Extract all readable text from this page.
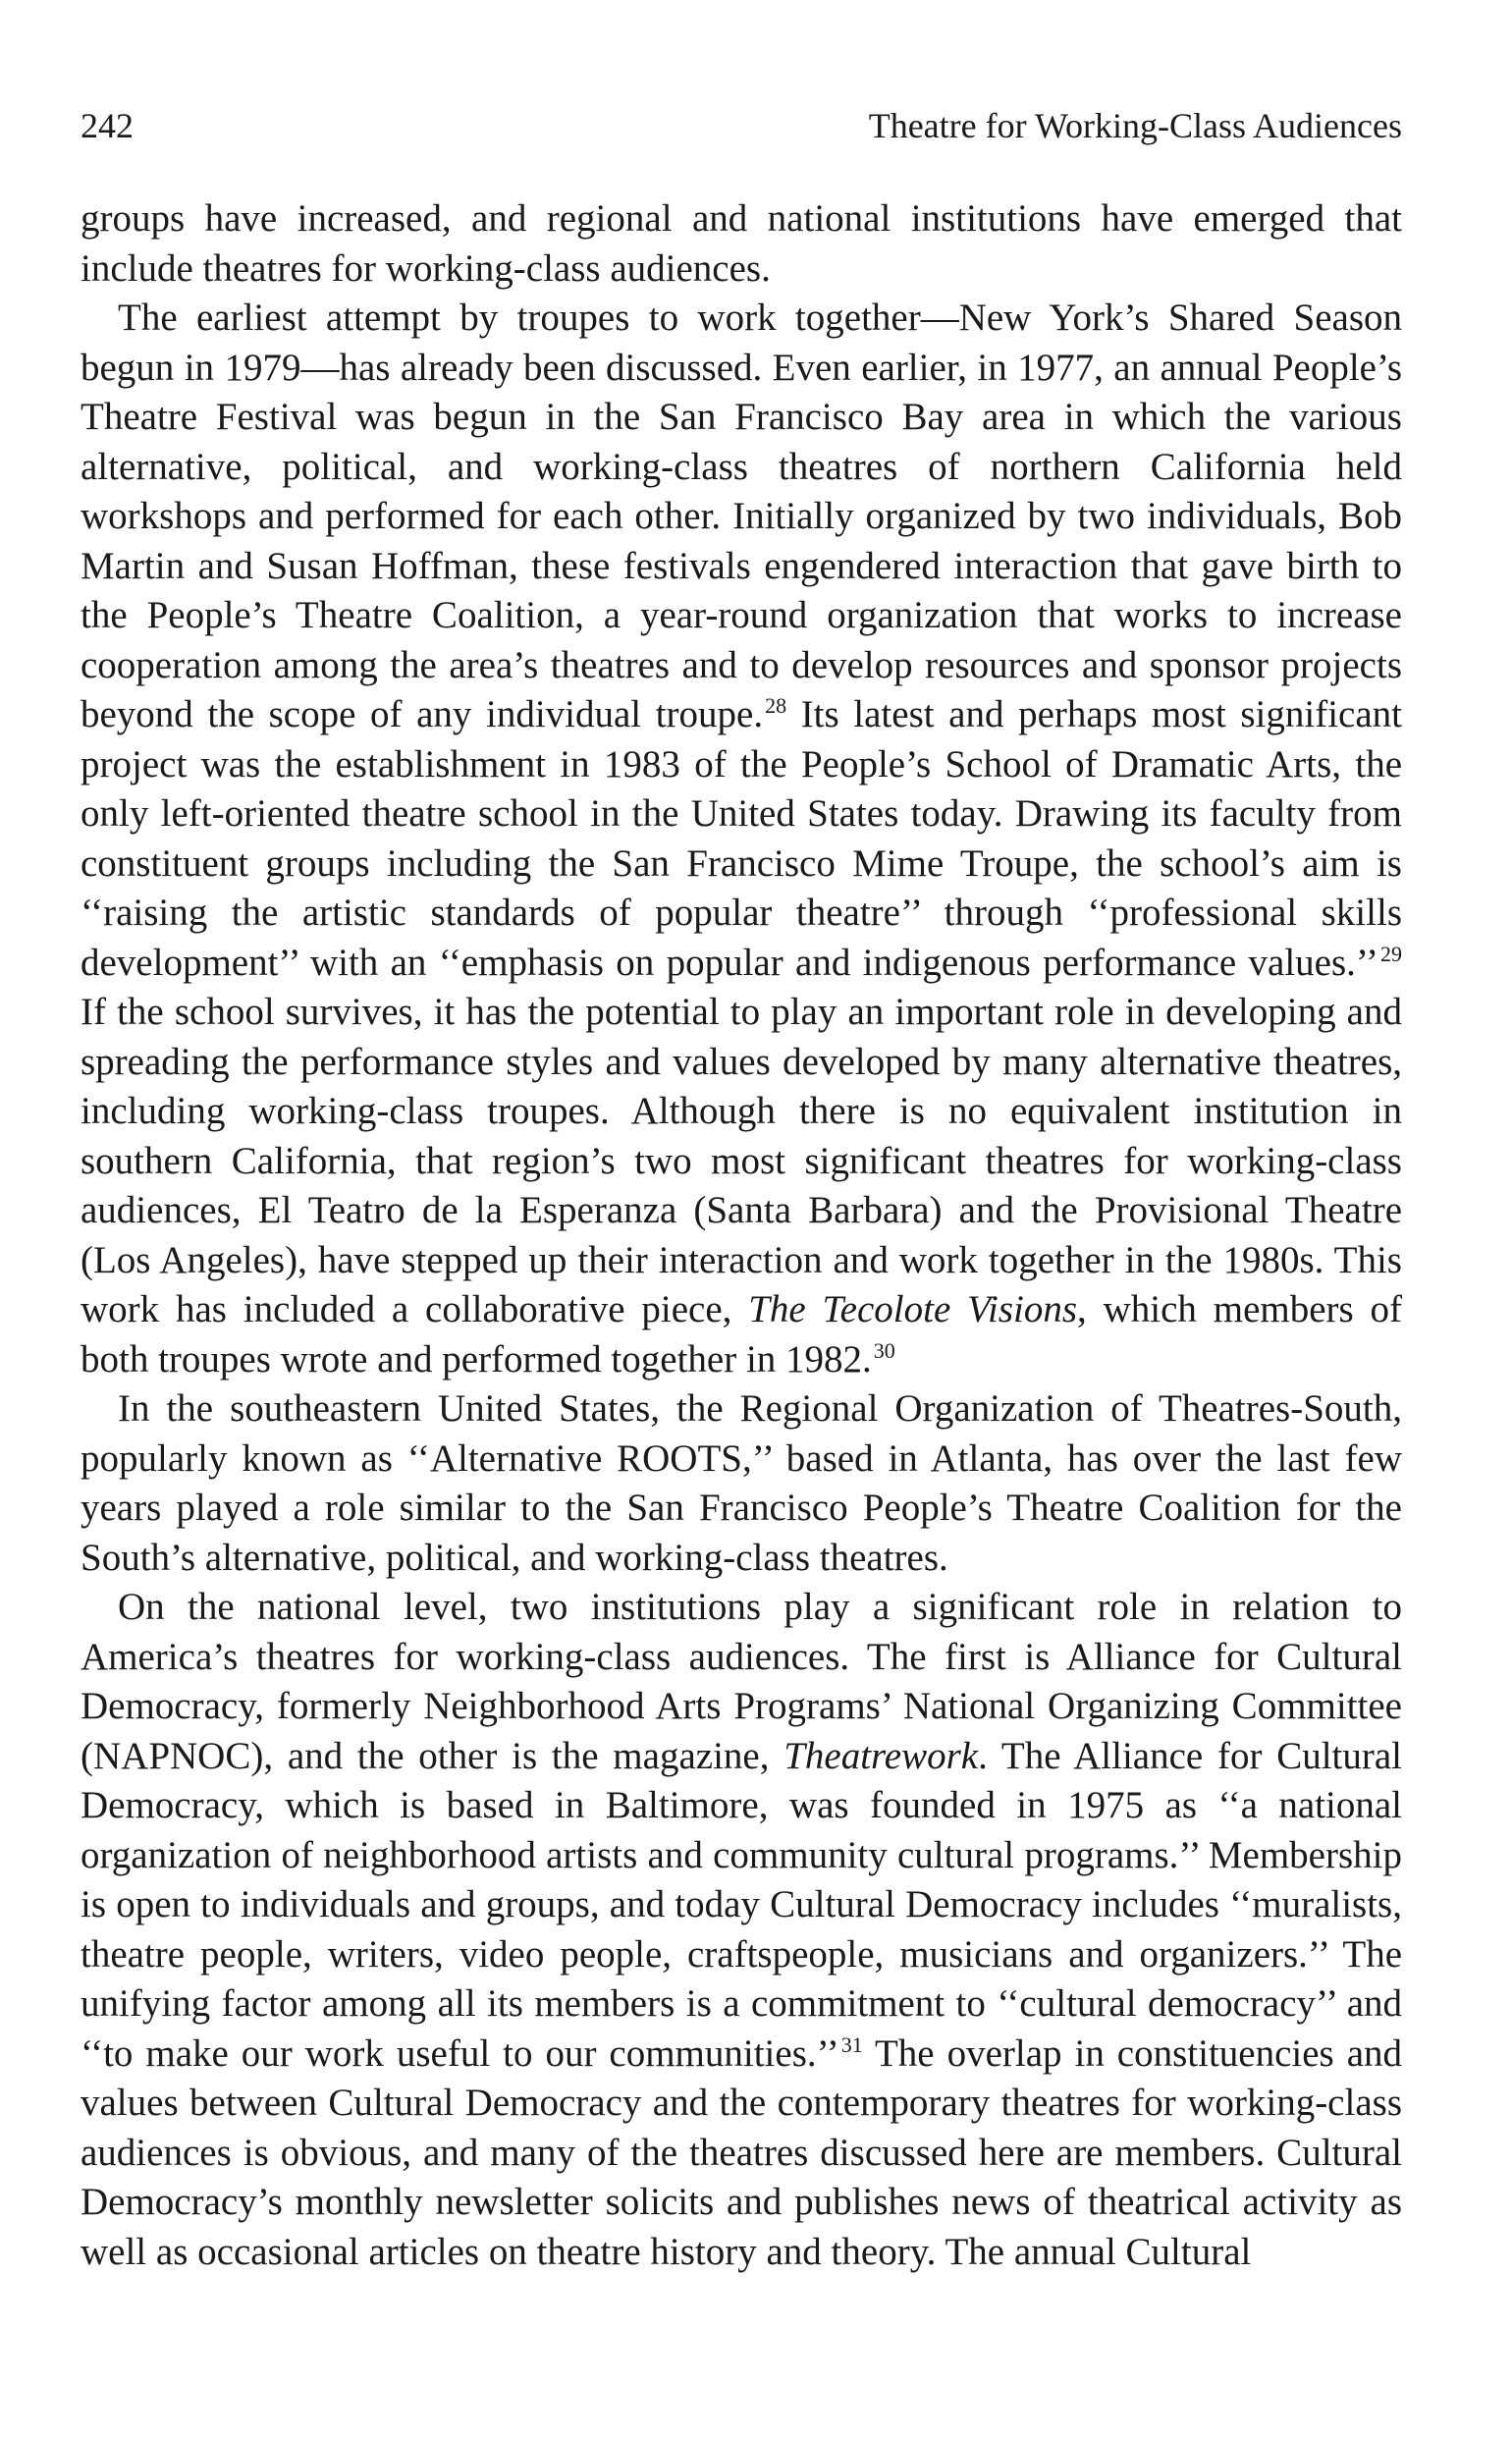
242	Theatre for Working-Class Audiences

groups have increased, and regional and national institutions have emerged that include theatres for working-class audiences.

The earliest attempt by troupes to work together—New York’s Shared Season begun in 1979—has already been discussed. Even earlier, in 1977, an annual People’s Theatre Festival was begun in the San Francisco Bay area in which the various alternative, political, and working-class theatres of northern California held workshops and performed for each other. Initially organized by two individuals, Bob Martin and Susan Hoffman, these festivals engendered interaction that gave birth to the People’s Theatre Coalition, a year-round organization that works to increase cooperation among the area’s theatres and to develop resources and sponsor projects beyond the scope of any individual troupe.$^{28}$ Its latest and perhaps most significant project was the establishment in 1983 of the People’s School of Dramatic Arts, the only left-oriented theatre school in the United States today. Drawing its faculty from constituent groups including the San Francisco Mime Troupe, the school’s aim is ‘‘raising the artistic standards of popular theatre’’ through ‘‘professional skills development’’ with an ‘‘emphasis on popular and indigenous performance values.’’$^{29}$ If the school survives, it has the potential to play an important role in developing and spreading the performance styles and values developed by many alternative theatres, including working-class troupes. Although there is no equivalent institution in southern California, that region’s two most significant theatres for working-class audiences, El Teatro de la Esperanza (Santa Barbara) and the Provisional Theatre (Los Angeles), have stepped up their interaction and work together in the 1980s. This work has included a collaborative piece, The Tecolote Visions, which members of both troupes wrote and performed together in 1982.30

In the southeastern United States, the Regional Organization of Theatres-South, popularly known as ‘‘Alternative ROOTS,’’ based in Atlanta, has over the last few years played a role similar to the San Francisco People’s Theatre Coalition for the South’s alternative, political, and working-class theatres.

On the national level, two institutions play a significant role in relation to America’s theatres for working-class audiences. The first is Alliance for Cultural Democracy, formerly Neighborhood Arts Programs’ National Organizing Committee (NAPNOC), and the other is the magazine, Theatrework. The Alliance for Cultural Democracy, which is based in Baltimore, was founded in 1975 as ‘‘a national organization of neighborhood artists and community cultural programs.’’ Membership is open to individuals and groups, and today Cultural Democracy includes ‘‘muralists, theatre people, writers, video people, craftspeople, musicians and organizers.’’ The unifying factor among all its members is a commitment to ‘‘cultural democracy’’ and ‘‘to make our work useful to our communities.’’$^{31}$ The overlap in constituencies and values between Cultural Democracy and the contemporary theatres for working-class audiences is obvious, and many of the theatres discussed here are members. Cultural Democracy’s monthly newsletter solicits and publishes news of theatrical activity as well as occasional articles on theatre history and theory. The annual Cultural
